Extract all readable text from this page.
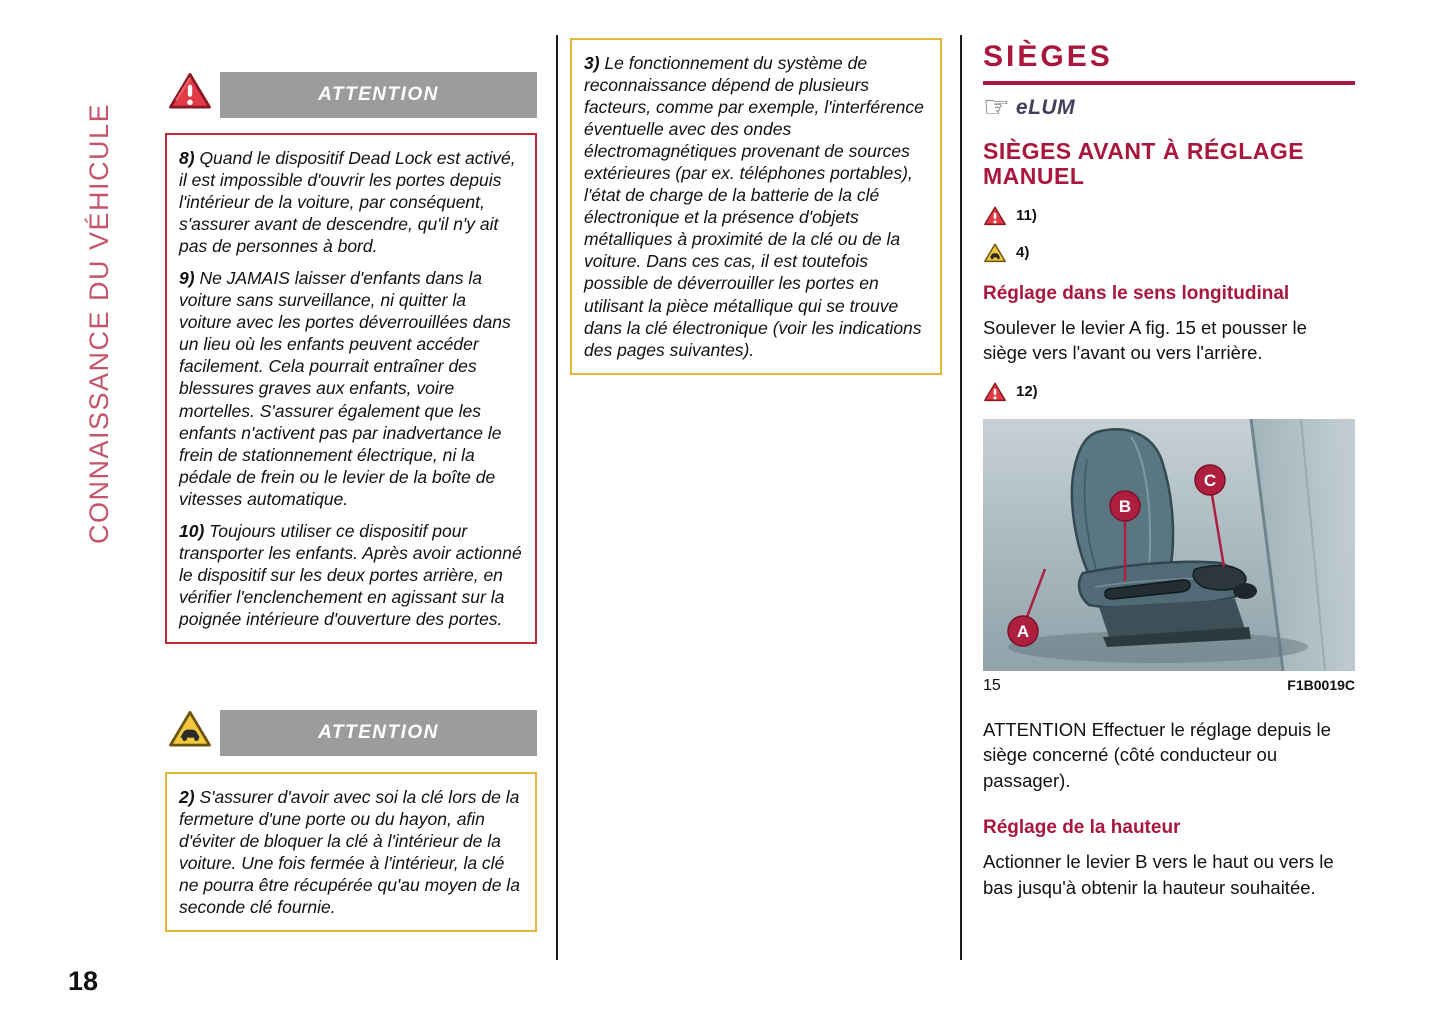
CONNAISSANCE DU VÉHICULE
18
ATTENTION

8) Quand le dispositif Dead Lock est activé, il est impossible d'ouvrir les portes depuis l'intérieur de la voiture, par conséquent, s'assurer avant de descendre, qu'il n'y ait pas de personnes à bord.

9) Ne JAMAIS laisser d'enfants dans la voiture sans surveillance, ni quitter la voiture avec les portes déverrouillées dans un lieu où les enfants peuvent accéder facilement. Cela pourrait entraîner des blessures graves aux enfants, voire mortelles. S'assurer également que les enfants n'activent pas par inadvertance le frein de stationnement électrique, ni la pédale de frein ou le levier de la boîte de vitesses automatique.

10) Toujours utiliser ce dispositif pour transporter les enfants. Après avoir actionné le dispositif sur les deux portes arrière, en vérifier l'enclenchement en agissant sur la poignée intérieure d'ouverture des portes.

ATTENTION

2) S'assurer d'avoir avec soi la clé lors de la fermeture d'une porte ou du hayon, afin d'éviter de bloquer la clé à l'intérieur de la voiture. Une fois fermée à l'intérieur, la clé ne pourra être récupérée qu'au moyen de la seconde clé fournie.

3) Le fonctionnement du système de reconnaissance dépend de plusieurs facteurs, comme par exemple, l'interférence éventuelle avec des ondes électromagnétiques provenant de sources extérieures (par ex. téléphones portables), l'état de charge de la batterie de la clé électronique et la présence d'objets métalliques à proximité de la clé ou de la voiture. Dans ces cas, il est toutefois possible de déverrouiller les portes en utilisant la pièce métallique qui se trouve dans la clé électronique (voir les indications des pages suivantes).

SIÈGES
☞ eLUM
SIÈGES AVANT À RÉGLAGE MANUEL
11)
4)
Réglage dans le sens longitudinal
Soulever le levier A fig. 15 et pousser le siège vers l'avant ou vers l'arrière.
12)
A
B
C
15	F1B0019C
ATTENTION Effectuer le réglage depuis le siège concerné (côté conducteur ou passager).
Réglage de la hauteur
Actionner le levier B vers le haut ou vers le bas jusqu'à obtenir la hauteur souhaitée.
